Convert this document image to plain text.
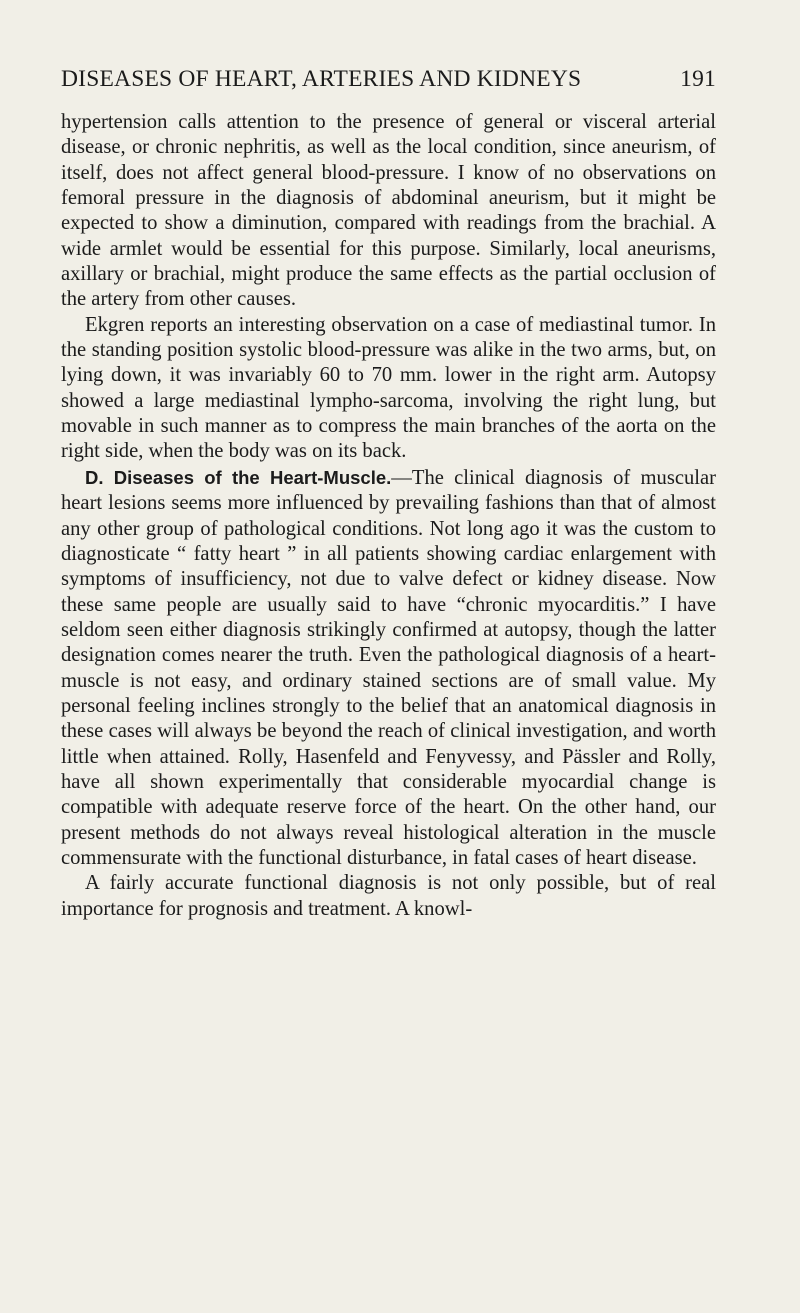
DISEASES OF HEART, ARTERIES AND KIDNEYS	191

hypertension calls attention to the presence of general or visceral arterial disease, or chronic nephritis, as well as the local condition, since aneurism, of itself, does not affect general blood-pressure. I know of no observations on femoral pressure in the diagnosis of abdominal aneurism, but it might be expected to show a diminution, compared with readings from the brachial. A wide armlet would be essential for this purpose. Similarly, local aneurisms, axillary or brachial, might produce the same effects as the partial occlusion of the artery from other causes.

Ekgren reports an interesting observation on a case of mediastinal tumor. In the standing position systolic blood-pressure was alike in the two arms, but, on lying down, it was invariably 60 to 70 mm. lower in the right arm. Autopsy showed a large mediastinal lympho-sarcoma, involving the right lung, but movable in such manner as to compress the main branches of the aorta on the right side, when the body was on its back.

D. Diseases of the Heart-Muscle.—The clinical diagnosis of muscular heart lesions seems more influenced by prevailing fashions than that of almost any other group of pathological conditions. Not long ago it was the custom to diagnosticate “ fatty heart ” in all patients showing cardiac enlargement with symptoms of insufficiency, not due to valve defect or kidney disease. Now these same people are usually said to have “chronic myocarditis.” I have seldom seen either diagnosis strikingly confirmed at autopsy, though the latter designation comes nearer the truth. Even the pathological diagnosis of a heart-muscle is not easy, and ordinary stained sections are of small value. My personal feeling inclines strongly to the belief that an anatomical diagnosis in these cases will always be beyond the reach of clinical investigation, and worth little when attained. Rolly, Hasenfeld and Fenyvessy, and Pässler and Rolly, have all shown experimentally that considerable myocardial change is compatible with adequate reserve force of the heart. On the other hand, our present methods do not always reveal histological alteration in the muscle commensurate with the functional disturbance, in fatal cases of heart disease.

A fairly accurate functional diagnosis is not only possible, but of real importance for prognosis and treatment. A knowl-
